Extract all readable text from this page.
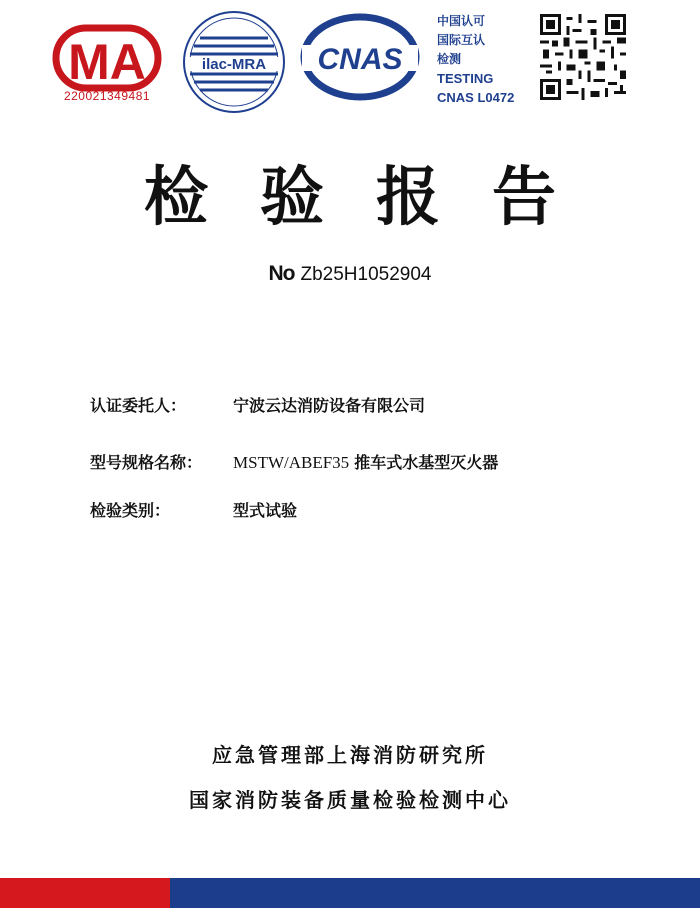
MA
220021349481
ilac-MRA CNAS
中国认可
国际互认
检测
TESTING
CNAS L0472
检验报告
No Zb25H1052904
认证委托人：	宁波云达消防设备有限公司
型号规格名称： MSTW/ABEF35 推车式水基型灭火器
检验类别：	型式试验
应急管理部上海消防研究所
国家消防装备质量检验检测中心
